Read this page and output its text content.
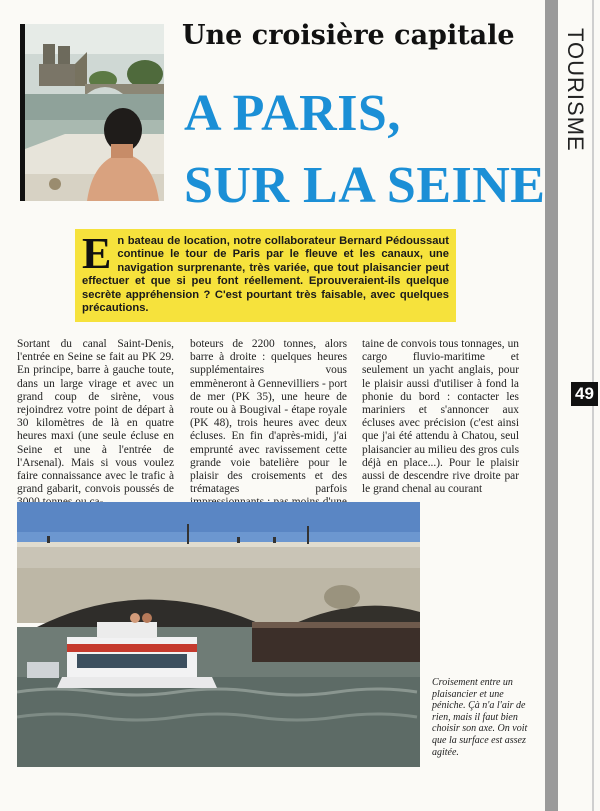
TOURISME
49
Une croisière capitale
A PARIS,
SUR LA SEINE
E n bateau de location, notre collaborateur Bernard Pédoussaut continue le tour de Paris par le fleuve et les canaux, une navigation surprenante, très variée, que tout plaisancier peut effectuer et que si peu font réellement. Eprouveraient-ils quelque secrète appréhension ? C'est pourtant très faisable, avec quelques précautions.

Sortant du canal Saint-Denis, l'entrée en Seine se fait au PK 29. En principe, barre à gauche toute, dans un large virage et avec un grand coup de sirène, vous rejoindrez votre point de départ à 30 kilomètres de là en quatre heures maxi (une seule écluse en Seine et une à l'entrée de l'Arsenal). Mais si vous voulez faire connaissance avec le trafic à grand gabarit, convois poussés de

boteurs de 2200 tonnes, alors barre à droite : quelques heures supplémentaires vous emmèneront à Gennevilliers - port de mer (PK 35), une heure de route ou à Bougival - étape royale (PK 48), trois heures avec deux écluses. En fin d'après-midi, j'ai emprunté avec ravissement cette grande voie batelière pour le plaisir des croisements et des trématages parfois

taine de convois tous tonnages, un cargo fluvio-maritime et seulement un yacht anglais, pour le plaisir aussi d'utiliser à fond la phonie du bord : contacter les mariniers et s'annoncer aux écluses avec précision (c'est ainsi que j'ai été attendu à Chatou, seul plaisancier au milieu des gros culs déjà en place...). Pour le plaisir aussi de descendre rive droite par le grand chenal au courant

Croisement entre un plaisancier et une péniche. Çà n'a l'air de rien, mais il faut bien choisir son axe. On voit que la surface est assez agitée.
